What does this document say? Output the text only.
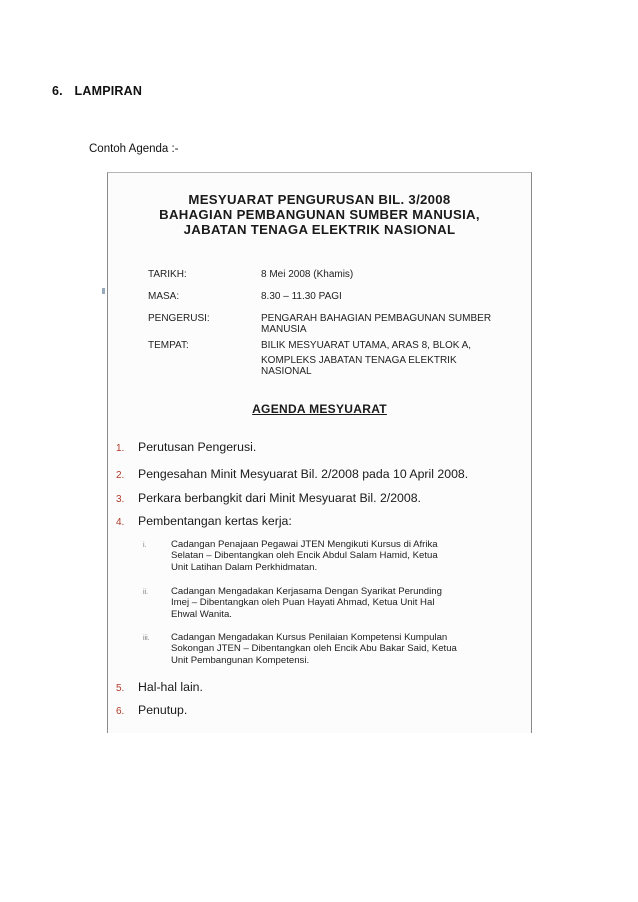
6. LAMPIRAN
Contoh Agenda :-
MESYUARAT PENGURUSAN BIL. 3/2008
BAHAGIAN PEMBANGUNAN SUMBER MANUSIA,
JABATAN TENAGA ELEKTRIK NASIONAL
TARIKH:	8 Mei 2008 (Khamis)
MASA:	8.30 – 11.30 PAGI
PENGERUSI:	PENGARAH BAHAGIAN PEMBAGUNAN SUMBER
MANUSIA
TEMPAT:	BILIK MESYUARAT UTAMA, ARAS 8, BLOK A,
KOMPLEKS JABATAN TENAGA ELEKTRIK
NASIONAL
AGENDA MESYUARAT
1. Perutusan Pengerusi.
2. Pengesahan Minit Mesyuarat Bil. 2/2008 pada 10 April 2008.
3. Perkara berbangkit dari Minit Mesyuarat Bil. 2/2008.
4. Pembentangan kertas kerja:
i.	Cadangan Penajaan Pegawai JTEN Mengikuti Kursus di Afrika
Selatan – Dibentangkan oleh Encik Abdul Salam Hamid, Ketua
Unit Latihan Dalam Perkhidmatan.
ii. Cadangan Mengadakan Kerjasama Dengan Syarikat Perunding
Imej – Dibentangkan oleh Puan Hayati Ahmad, Ketua Unit Hal
Ehwal Wanita.
iii. Cadangan Mengadakan Kursus Penilaian Kompetensi Kumpulan
Sokongan JTEN – Dibentangkan oleh Encik Abu Bakar Said, Ketua
Unit Pembangunan Kompetensi.
5. Hal-hal lain.
6. Penutup.
